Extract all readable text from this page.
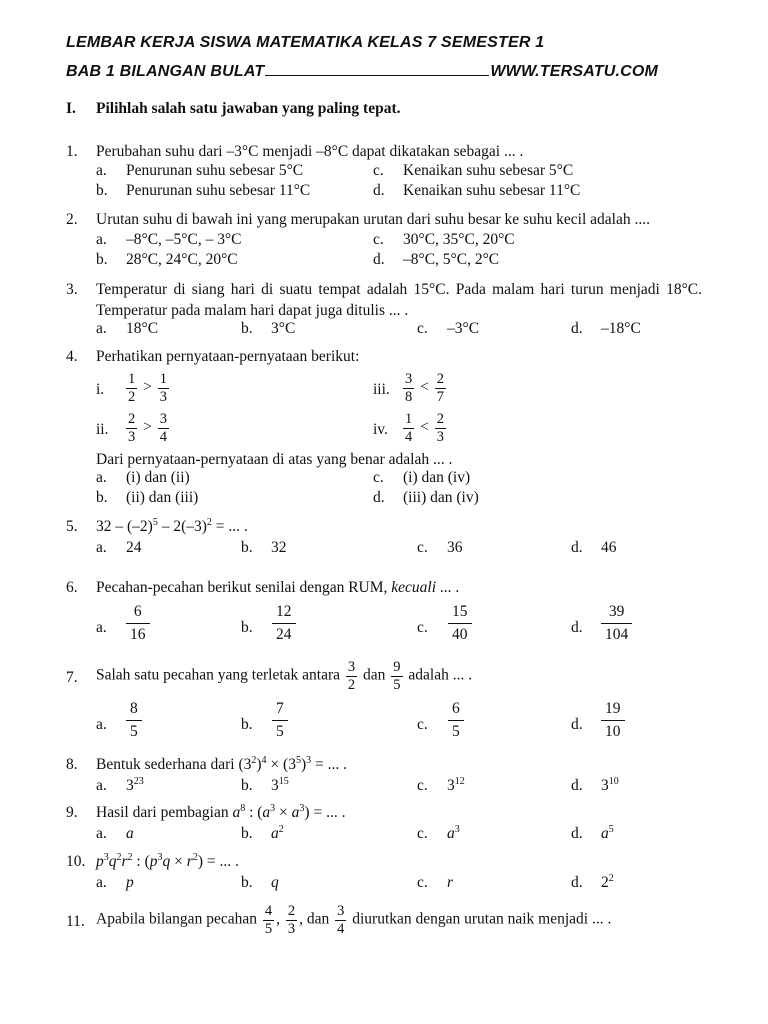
LEMBAR KERJA SISWA MATEMATIKA KELAS 7 SEMESTER 1
BAB 1 BILANGAN BULAT	WWW.TERSATU.COM
I. Pilihlah salah satu jawaban yang paling tepat.
1. Perubahan suhu dari –3°C menjadi –8°C dapat dikatakan sebagai ... .
a. Penurunan suhu sebesar 5°C
b. Penurunan suhu sebesar 11°C
c. Kenaikan suhu sebesar 5°C
d. Kenaikan suhu sebesar 11°C
2. Urutan suhu di bawah ini yang merupakan urutan dari suhu besar ke suhu kecil adalah ....
a. –8°C, –5°C, – 3°C
b. 28°C, 24°C, 20°C
c. 30°C, 35°C, 20°C
d. –8°C, 5°C, 2°C
3. Temperatur di siang hari di suatu tempat adalah 15°C. Pada malam hari turun menjadi 18°C. Temperatur pada malam hari dapat juga ditulis ... .
a. 18°C	b. 3°C	c. –3°C	d. –18°C
4. Perhatikan pernyataan-pernyataan berikut:
i. $\frac{1}{2} > \frac{1}{3}$
ii. $\frac{2}{3} > \frac{3}{4}$
iii. $\frac{3}{8} < \frac{2}{7}$
iv. $\frac{1}{4} < \frac{2}{3}$
Dari pernyataan-pernyataan di atas yang benar adalah ... .
a. (i) dan (ii)
b. (ii) dan (iii)
c. (i) dan (iv)
d. (iii) dan (iv)
5. $32 - (-2)^5 - 2(-3)^2$ = ... .
a. 24	b. 32	c. 36	d. 46
6. Pecahan-pecahan berikut senilai dengan RUM, kecuali ... .
a. $\frac{6}{16}$	b. $\frac{12}{24}$	c. $\frac{15}{40}$	d. $\frac{39}{104}$
7. Salah satu pecahan yang terletak antara $\frac{3}{2}$ dan $\frac{9}{5}$ adalah ... .
a. $\frac{8}{5}$	b. $\frac{7}{5}$	c. $\frac{6}{5}$	d. $\frac{19}{10}$
8. Bentuk sederhana dari $(3^2)^4 \times (3^5)^3$ = ... .
a. $3^{23}$	b. $3^{15}$	c. $3^{12}$	d. $3^{10}$
9. Hasil dari pembagian $a^8$ : $(a^3 \times a^3)$ = ... .
a. a	b. $a^2$	c. $a^3$	d. $a^5$
10. $p^3q^2r^2$ : $(p^3q \times r^2)$ = ... .
a. p	b. q	c. r	d. $2^2$
11. Apabila bilangan pecahan $\frac{4}{5}$ , $\frac{2}{3}$ , dan $\frac{3}{4}$ diurutkan dengan urutan naik menjadi ... .
